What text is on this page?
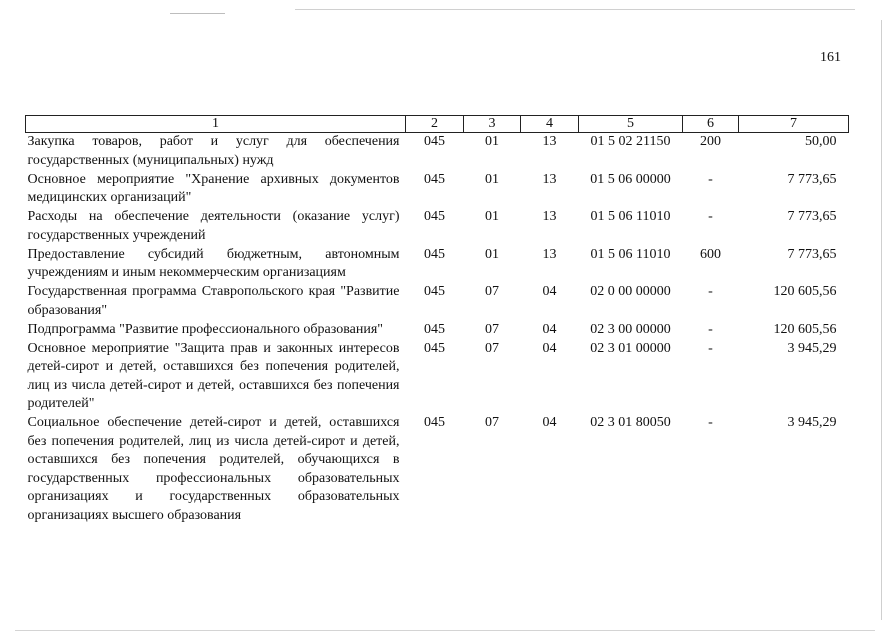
161
1	2	3	4	5	6	7
Закупка товаров, работ и услуг для обеспечения государственных (муниципальных) нужд	045	01	13	01 5 02 21150	200	50,00
Основное мероприятие "Хранение архивных документов медицинских организаций"	045	01	13	01 5 06 00000	-	7 773,65
Расходы на обеспечение деятельности (оказание услуг) государственных учреждений	045	01	13	01 5 06 11010	-	7 773,65
Предоставление субсидий бюджетным, автономным учреждениям и иным некоммерческим организациям	045	01	13	01 5 06 11010	600	7 773,65
Государственная программа Ставропольского края "Развитие образования"	045	07	04	02 0 00 00000	-	120 605,56
Подпрограмма "Развитие профессионального образования"	045	07	04	02 3 00 00000	-	120 605,56
Основное мероприятие "Защита прав и законных интересов детей-сирот и детей, оставшихся без попечения родителей, лиц из числа детей-сирот и детей, оставшихся без попечения родителей"	045	07	04	02 3 01 00000	-	3 945,29
Социальное обеспечение детей-сирот и детей, оставшихся без попечения родителей, лиц из числа детей-сирот и детей, оставшихся без попечения родителей, обучающихся в государственных профессиональных образовательных организациях и государственных образовательных организациях высшего образования	045	07	04	02 3 01 80050	-	3 945,29
